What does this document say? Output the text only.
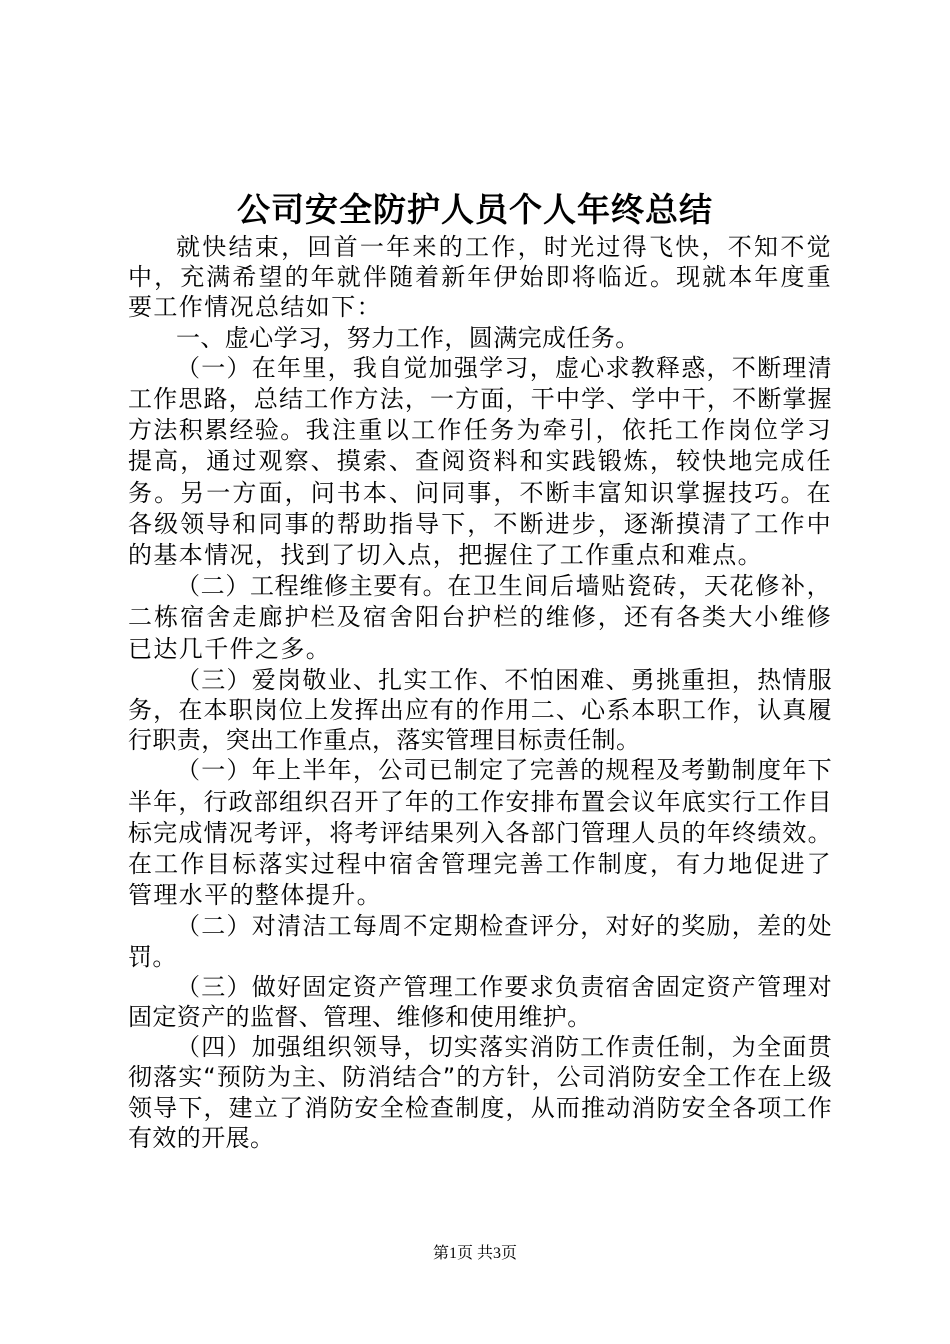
公司安全防护人员个人年终总结

就快结束，回首一年来的工作，时光过得飞快，不知不觉中，充满希望的年就伴随着新年伊始即将临近。现就本年度重要工作情况总结如下：

一、虚心学习，努力工作，圆满完成任务。

（一）在年里，我自觉加强学习，虚心求教释惑，不断理清工作思路，总结工作方法，一方面，干中学、学中干，不断掌握方法积累经验。我注重以工作任务为牵引，依托工作岗位学习提高，通过观察、摸索、查阅资料和实践锻炼，较快地完成任务。另一方面，问书本、问同事，不断丰富知识掌握技巧。在各级领导和同事的帮助指导下，不断进步，逐渐摸清了工作中的基本情况，找到了切入点，把握住了工作重点和难点。

（二）工程维修主要有。在卫生间后墙贴瓷砖，天花修补，二栋宿舍走廊护栏及宿舍阳台护栏的维修，还有各类大小维修已达几千件之多。

（三）爱岗敬业、扎实工作、不怕困难、勇挑重担，热情服务，在本职岗位上发挥出应有的作用二、心系本职工作，认真履行职责，突出工作重点，落实管理目标责任制。

（一）年上半年，公司已制定了完善的规程及考勤制度年下半年，行政部组织召开了年的工作安排布置会议年底实行工作目标完成情况考评，将考评结果列入各部门管理人员的年终绩效。在工作目标落实过程中宿舍管理完善工作制度，有力地促进了管理水平的整体提升。

（二）对清洁工每周不定期检查评分，对好的奖励，差的处罚。

（三）做好固定资产管理工作要求负责宿舍固定资产管理对固定资产的监督、管理、维修和使用维护。

（四）加强组织领导，切实落实消防工作责任制，为全面贯彻落实“预防为主、防消结合”的方针，公司消防安全工作在上级领导下，建立了消防安全检查制度，从而推动消防安全各项工作有效的开展。

第1页 共3页
